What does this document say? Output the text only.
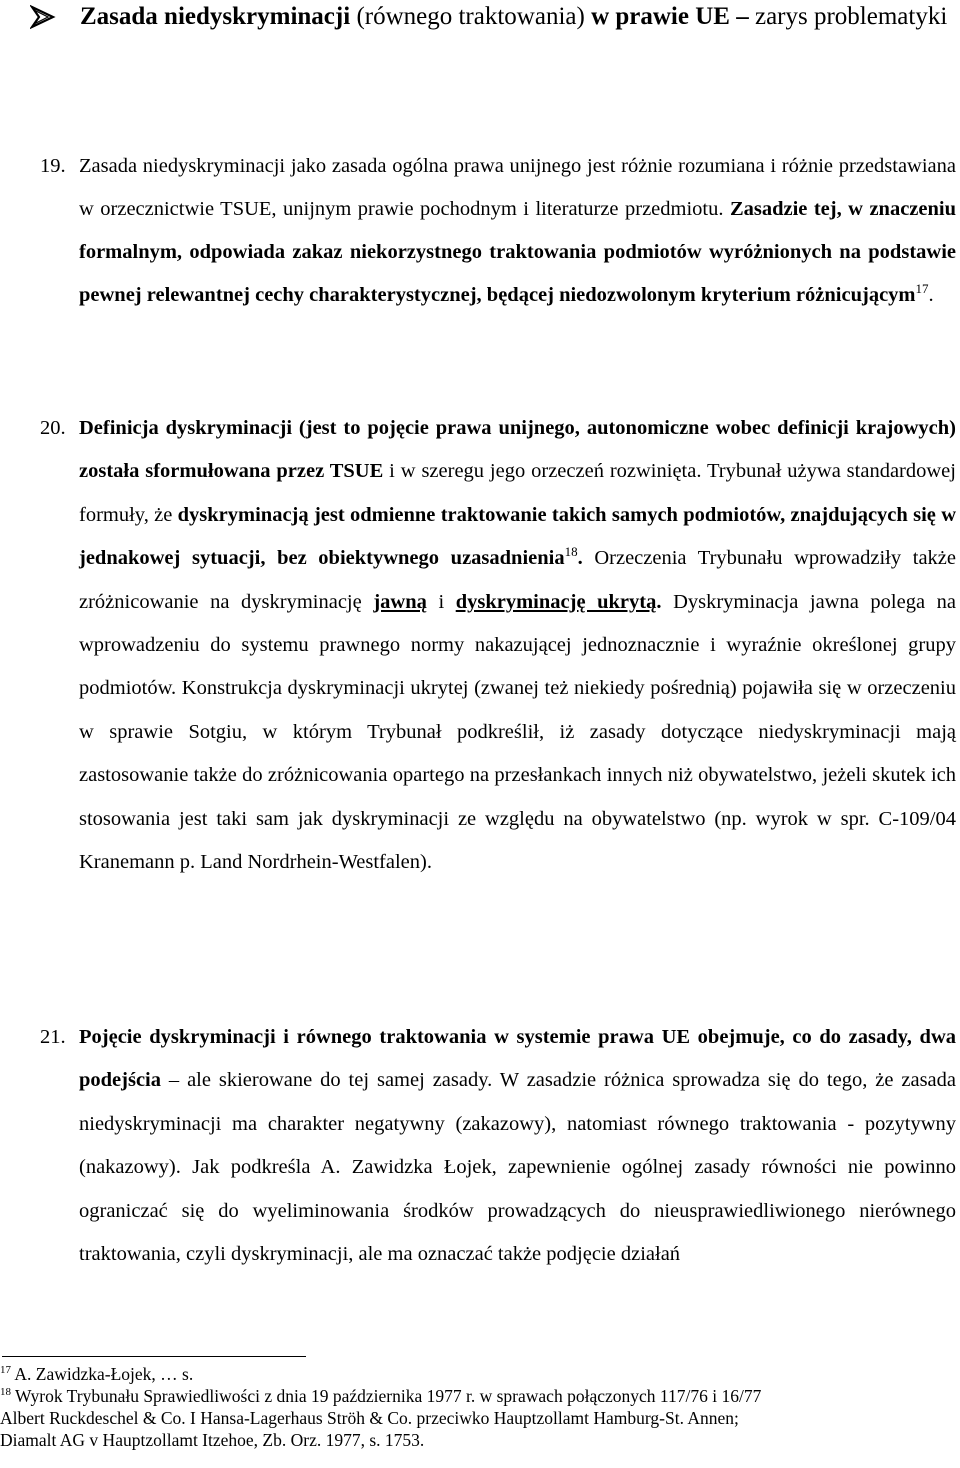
Zasada niedyskryminacji (równego traktowania) w prawie UE – zarys problematyki
19. Zasada niedyskryminacji jako zasada ogólna prawa unijnego jest różnie rozumiana i różnie przedstawiana w orzecznictwie TSUE, unijnym prawie pochodnym i literaturze przedmiotu. Zasadzie tej, w znaczeniu formalnym, odpowiada zakaz niekorzystnego traktowania podmiotów wyróżnionych na podstawie pewnej relewantnej cechy charakterystycznej, będącej niedozwolonym kryterium różnicującym$^{17}$.
20. Definicja dyskryminacji (jest to pojęcie prawa unijnego, autonomiczne wobec definicji krajowych) została sformułowana przez TSUE i w szeregu jego orzeczeń rozwinięta. Trybunał używa standardowej formuły, że dyskryminacją jest odmienne traktowanie takich samych podmiotów, znajdujących się w jednakowej sytuacji, bez obiektywnego uzasadnienia$^{18}$. Orzeczenia Trybunału wprowadziły także zróżnicowanie na dyskryminację jawną i dyskryminację ukrytą. Dyskryminacja jawna polega na wprowadzeniu do systemu prawnego normy nakazującej jednoznacznie i wyraźnie określonej grupy podmiotów. Konstrukcja dyskryminacji ukrytej (zwanej też niekiedy pośrednią) pojawiła się w orzeczeniu w sprawie Sotgiu, w którym Trybunał podkreślił, iż zasady dotyczące niedyskryminacji mają zastosowanie także do zróżnicowania opartego na przesłankach innych niż obywatelstwo, jeżeli skutek ich stosowania jest taki sam jak dyskryminacji ze względu na obywatelstwo (np. wyrok w spr. C-109/04 Kranemann p. Land Nordrhein-Westfalen).
21. Pojęcie dyskryminacji i równego traktowania w systemie prawa UE obejmuje, co do zasady, dwa podejścia – ale skierowane do tej samej zasady. W zasadzie różnica sprowadza się do tego, że zasada niedyskryminacji ma charakter negatywny (zakazowy), natomiast równego traktowania - pozytywny (nakazowy). Jak podkreśla A. Zawidzka Łojek, zapewnienie ogólnej zasady równości nie powinno ograniczać się do wyeliminowania środków prowadzących do nieusprawiedliwionego nierównego traktowania, czyli dyskryminacji, ale ma oznaczać także podjęcie działań
$^{17}$ A. Zawidzka-Łojek, … s.
$^{18}$ Wyrok Trybunału Sprawiedliwości z dnia 19 października 1977 r. w sprawach połączonych 117/76 i 16/77
Albert Ruckdeschel & Co. I Hansa-Lagerhaus Ströh & Co. przeciwko Hauptzollamt Hamburg-St. Annen;
Diamalt AG v Hauptzollamt Itzehoe, Zb. Orz. 1977, s. 1753.
